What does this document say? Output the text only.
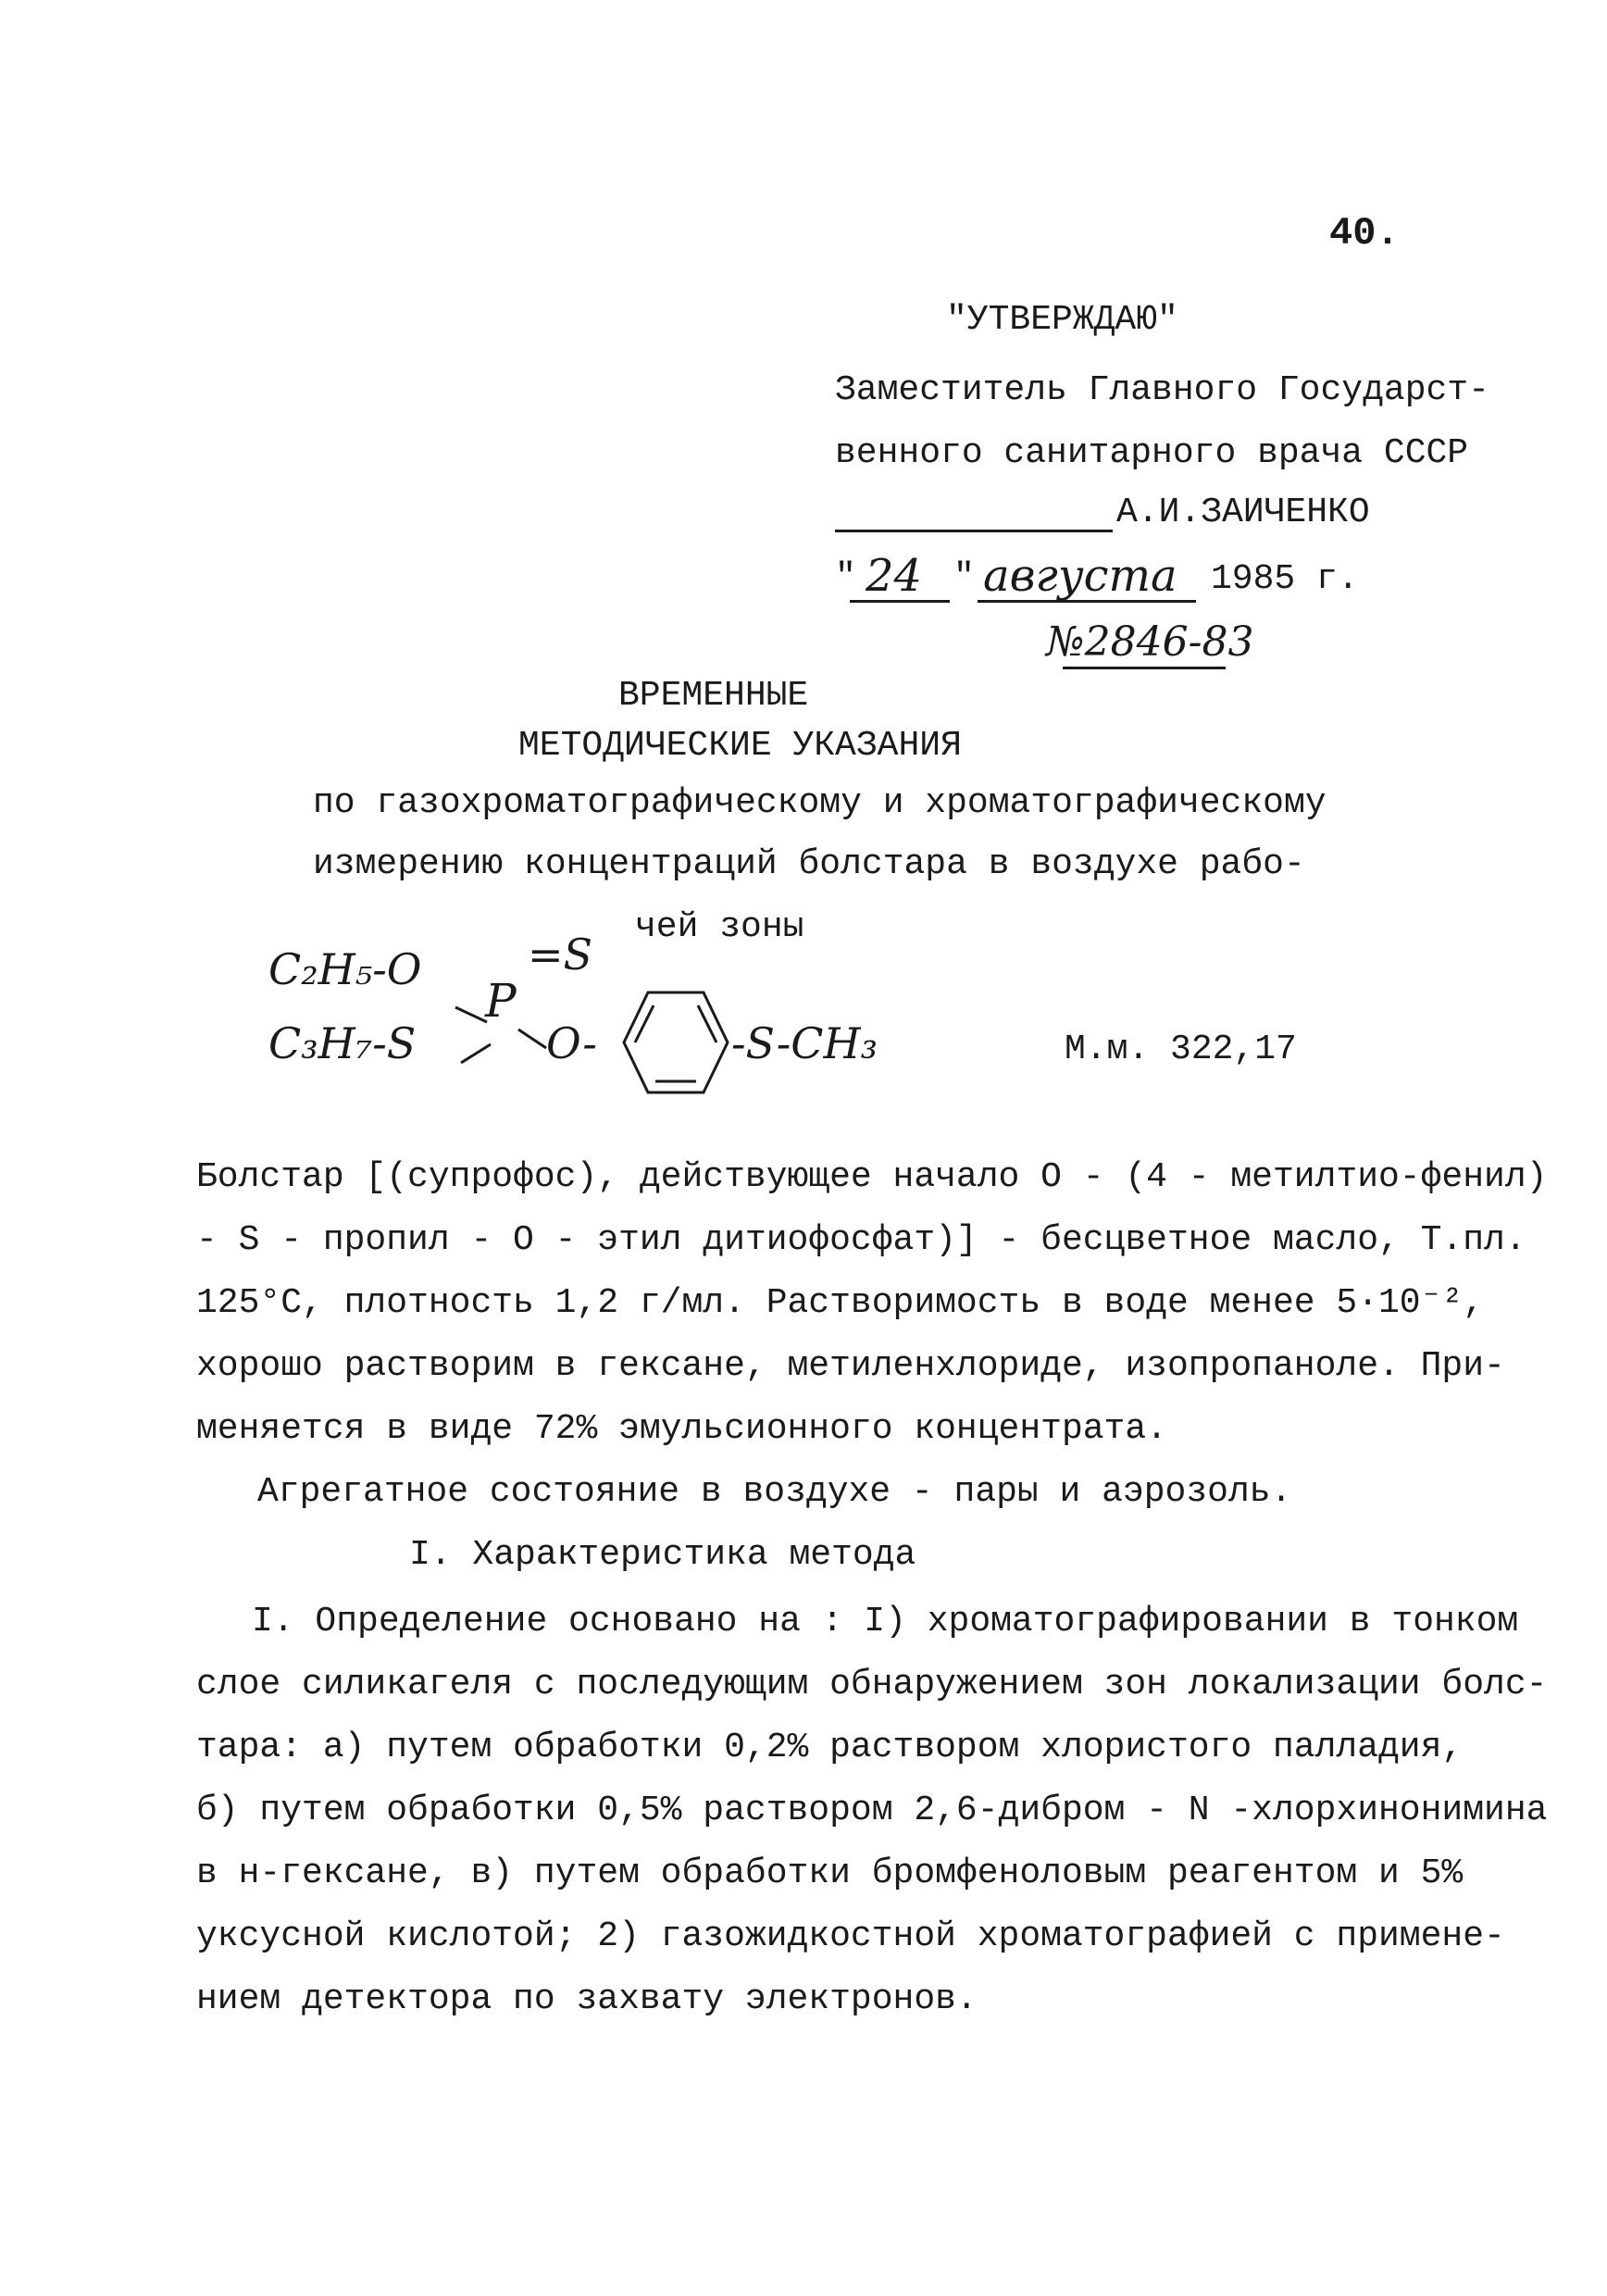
40.
"УТВЕРЖДАЮ"
Заместитель Главного Государст-
венного санитарного врача СССР
А.И.ЗАИЧЕНКО
" 24 " августа 1985 г.
№2846-83
ВРЕМЕННЫЕ
МЕТОДИЧЕСКИЕ УКАЗАНИЯ
по газохроматографическому и хроматографическому
измерению концентраций болстара в воздухе рабо-
чей зоны
C₂H₅-O
C₃H₇-S
P
=S
O-	-S-CH₃	М.м. 322,17
Болстар [(супрофос), действующее начало О - (4 - метилтио-фенил)
- S - пропил - О - этил дитиофосфат)] - бесцветное масло, Т.пл.
125°C, плотность 1,2 г/мл. Растворимость в воде менее 5·10⁻²,
хорошо растворим в гексане, метиленхлориде, изопропаноле. При-
меняется в виде 72% эмульсионного концентрата.
Агрегатное состояние в воздухе - пары и аэрозоль.
I. Характеристика метода
I. Определение основано на : I) хроматографировании в тонком
слое силикагеля с последующим обнаружением зон локализации болс-
тара: а) путем обработки 0,2% раствором хлористого палладия,
б) путем обработки 0,5% раствором 2,6-дибром - N -хлорхинонимина
в н-гексане, в) путем обработки бромфеноловым реагентом и 5%
уксусной кислотой; 2) газожидкостной хроматографией с примене-
нием детектора по захвату электронов.
